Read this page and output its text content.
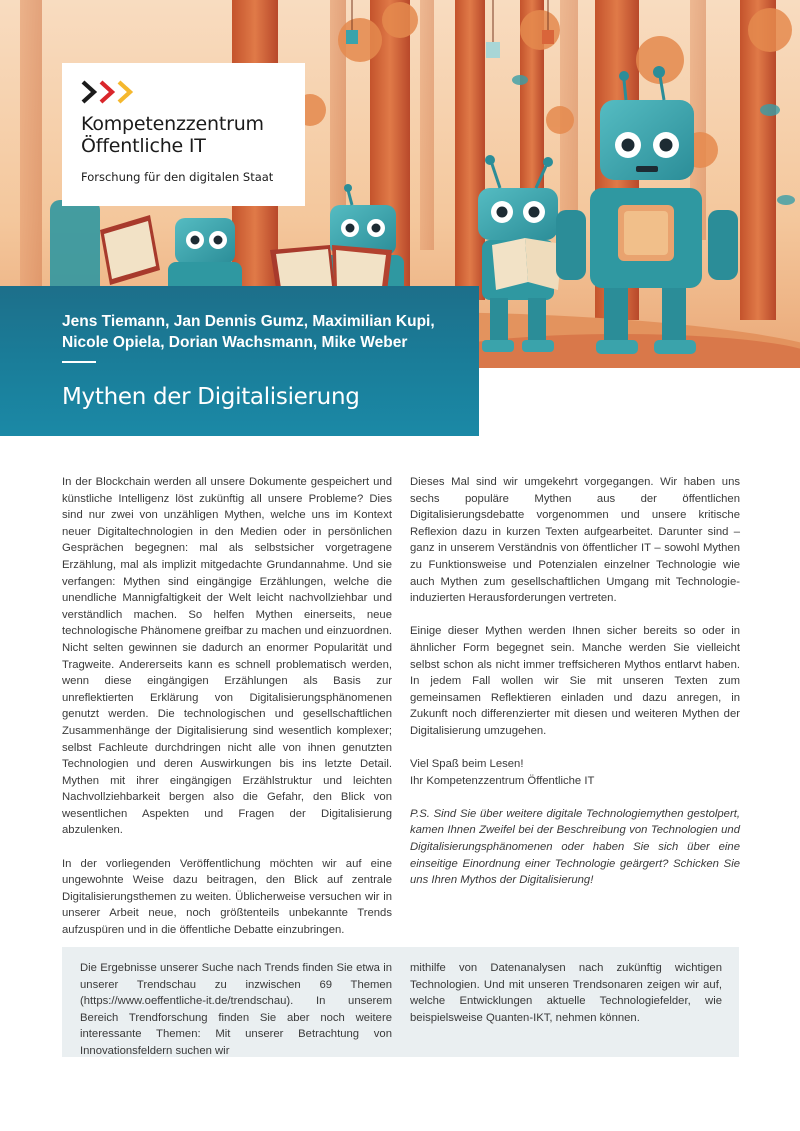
Kompetenzzentrum
Öffentliche IT
Forschung für den digitalen Staat
Jens Tiemann, Jan Dennis Gumz, Maximilian Kupi,
Nicole Opiela, Dorian Wachsmann, Mike Weber
Mythen der Digitalisierung

In der Blockchain werden all unsere Dokumente gespeichert und künstliche Intelligenz löst zukünftig all unsere Probleme? Dies sind nur zwei von unzähligen Mythen, welche uns im Kontext neuer Digitaltechnologien in den Medien oder in persönlichen Gesprächen begegnen: mal als selbstsicher vorgetragene Erzählung, mal als implizit mitgedachte Grundannahme. Und sie verfangen: Mythen sind eingängige Erzählungen, welche die unendliche Mannigfaltigkeit der Welt leicht nachvollziehbar und verständlich machen. So helfen Mythen einerseits, neue technologische Phänomene greifbar zu machen und einzuordnen. Nicht selten gewinnen sie dadurch an enormer Popularität und Tragweite. Andererseits kann es schnell problematisch werden, wenn diese eingängigen Erzählungen als Basis zur unreflektierten Erklärung von Digitalisierungsphänomenen genutzt werden. Die technologischen und gesellschaftlichen Zusammenhänge der Digitalisierung sind wesentlich komplexer; selbst Fachleute durchdringen nicht alle von ihnen genutzten Technologien und deren Auswirkungen bis ins letzte Detail. Mythen mit ihrer eingängigen Erzählstruktur und leichten Nachvollziehbarkeit bergen also die Gefahr, den Blick von wesentlichen Aspekten und Fragen der Digitalisierung abzulenken.

In der vorliegenden Veröffentlichung möchten wir auf eine ungewohnte Weise dazu beitragen, den Blick auf zentrale Digitalisierungsthemen zu weiten. Üblicherweise versuchen wir in unserer Arbeit neue, noch größtenteils unbekannte Trends aufzuspüren und in die öffentliche Debatte einzubringen.

Dieses Mal sind wir umgekehrt vorgegangen. Wir haben uns sechs populäre Mythen aus der öffentlichen Digitalisierungsdebatte vorgenommen und unsere kritische Reflexion dazu in kurzen Texten aufgearbeitet. Darunter sind – ganz in unserem Verständnis von öffentlicher IT – sowohl Mythen zu Funktionsweise und Potenzialen einzelner Technologie wie auch Mythen zum gesellschaftlichen Umgang mit Technologie-induzierten Herausforderungen vertreten.

Einige dieser Mythen werden Ihnen sicher bereits so oder in ähnlicher Form begegnet sein. Manche werden Sie vielleicht selbst schon als nicht immer treffsicheren Mythos entlarvt haben. In jedem Fall wollen wir Sie mit unseren Texten zum gemeinsamen Reflektieren einladen und dazu anregen, in Zukunft noch differenzierter mit diesen und weiteren Mythen der Digitalisierung umzugehen.

Viel Spaß beim Lesen!
Ihr Kompetenzzentrum Öffentliche IT

P.S. Sind Sie über weitere digitale Technologiemythen gestolpert, kamen Ihnen Zweifel bei der Beschreibung von Technologien und Digitalisierungsphänomenen oder haben Sie sich über eine einseitige Einordnung einer Technologie geärgert? Schicken Sie uns Ihren Mythos der Digitalisierung!

Die Ergebnisse unserer Suche nach Trends finden Sie etwa in unserer Trendschau zu inzwischen 69 Themen (https://www.oeffentliche-it.de/trendschau). In unserem Bereich Trendforschung finden Sie aber noch weitere interessante Themen: Mit unserer Betrachtung von Innovationsfeldern suchen wir
mithilfe von Datenanalysen nach zukünftig wichtigen Technologien. Und mit unseren Trendsonaren zeigen wir auf, welche Entwicklungen aktuelle Technologiefelder, wie beispielsweise Quanten-IKT, nehmen können.
